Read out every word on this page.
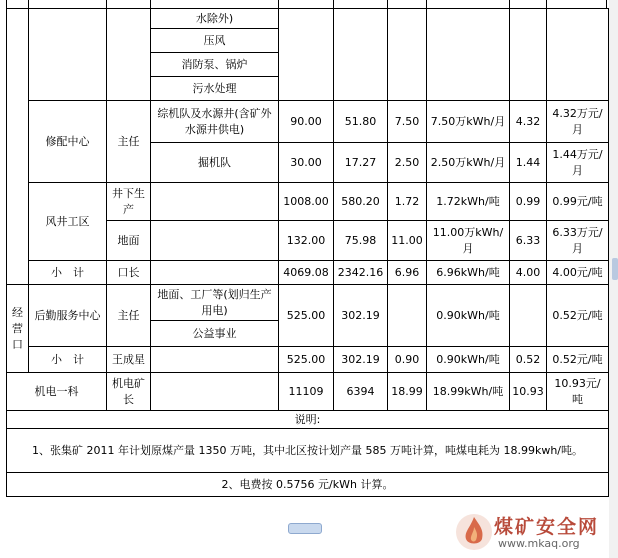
			水除外)						
			压风						
			消防泵、锅炉						
			污水处理						
	修配中心	主任	综机队及水源井(含矿外水源井供电)	90.00	51.80	7.50	7.50万kWh/月	4.32	4.32万元/月
			掘机队	30.00	17.27	2.50	2.50万kWh/月	1.44	1.44万元/月
	风井工区	井下生产		1008.00	580.20	1.72	1.72kWh/吨	0.99	0.99元/吨
		地面		132.00	75.98	11.00	11.00万kWh/月	6.33	6.33万元/月
	小　计	口长		4069.08	2342.16	6.96	6.96kWh/吨	4.00	4.00元/吨
经营口	后勤服务中心	主任	地面、工厂等(划归生产用电)	525.00	302.19		0.90kWh/吨		0.52元/吨
			公益事业						
	小　计	王成星		525.00	302.19	0.90	0.90kWh/吨	0.52	0.52元/吨
机电一科		机电矿长		11109	6394	18.99	18.99kWh/吨	10.93	10.93元/吨
说明:									
1、张集矿 2011 年计划原煤产量 1350 万吨，其中北区按计划产量 585 万吨计算，吨煤电耗为 18.99kwh/吨。									
2、电费按 0.5756 元/kWh 计算。									
煤矿安全网
www.mkaq.org
